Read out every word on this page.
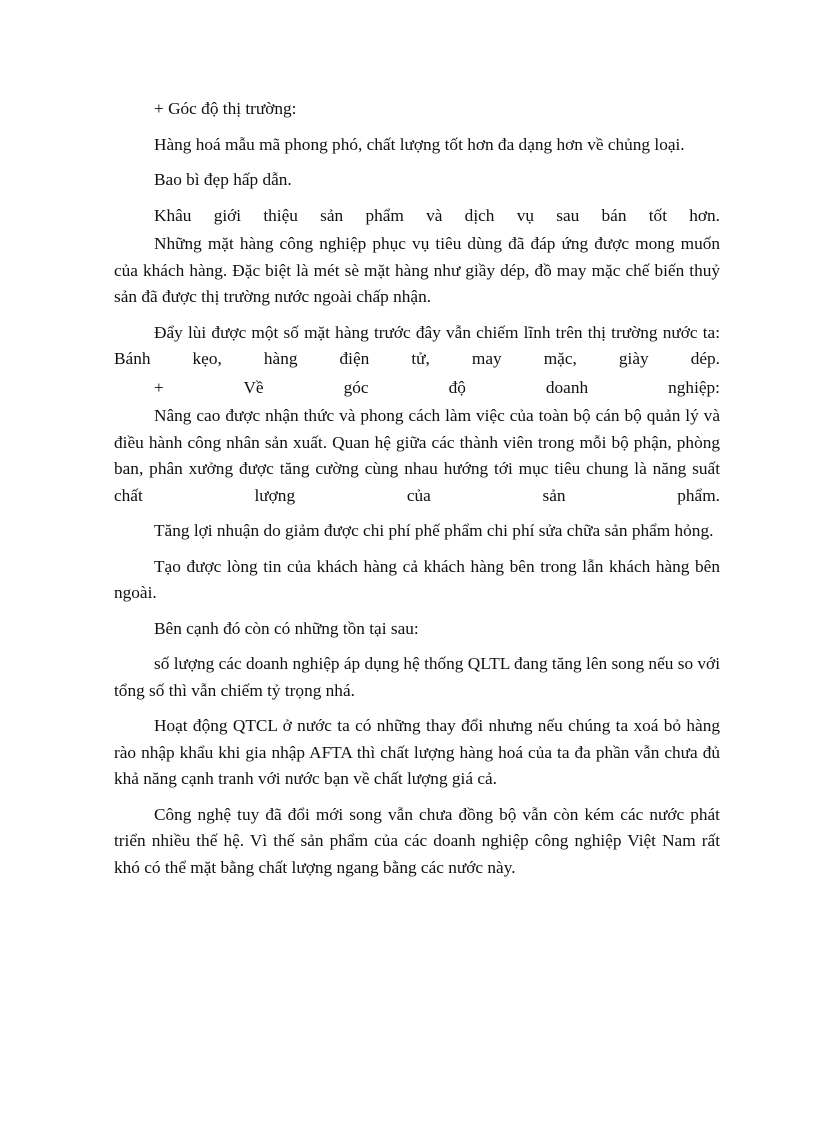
+ Góc độ thị trường:

Hàng hoá mẫu mã phong phó, chất lượng tốt hơn đa dạng hơn về chủng loại.

Bao bì đẹp hấp dẫn.

Khâu giới thiệu sản phẩm và dịch vụ sau bán tốt hơn.

Những mặt hàng công nghiệp phục vụ tiêu dùng đã đáp ứng được mong muốn của khách hàng. Đặc biệt là mét sè mặt hàng như giầy dép, đồ may mặc chế biến thuỷ sản đã được thị trường nước ngoài chấp nhận.

Đẩy lùi được một số mặt hàng trước đây vẫn chiếm lĩnh trên thị trường nước ta: Bánh kẹo, hàng điện tử, may mặc, giày dép.

+ Về góc độ doanh nghiệp:

Nâng cao được nhận thức và phong cách làm việc của toàn bộ cán bộ quản lý và điều hành công nhân sản xuất. Quan hệ giữa các thành viên trong mỗi bộ phận, phòng ban, phân xưởng được tăng cường cùng nhau hướng tới mục tiêu chung là năng suất chất lượng của sản phẩm.

Tăng lợi nhuận do giảm được chi phí phế phẩm chi phí sửa chữa sản phẩm hỏng.

Tạo được lòng tin của khách hàng cả khách hàng bên trong lẫn khách hàng bên ngoài.

Bên cạnh đó còn có những tồn tại sau:

số lượng các doanh nghiệp áp dụng hệ thống QLTL đang tăng lên song nếu so với tổng số thì vẫn chiếm tỷ trọng nhá.

Hoạt động QTCL ở nước ta có những thay đổi nhưng nếu chúng ta xoá bỏ hàng rào nhập khẩu khi gia nhập AFTA thì chất lượng hàng hoá của ta đa phần vẫn chưa đủ khả năng cạnh tranh với nước bạn về chất lượng giá cả.

Công nghệ tuy đã đổi mới song vẫn chưa đồng bộ vẫn còn kém các nước phát triển nhiều thế hệ. Vì thế sản phẩm của các doanh nghiệp công nghiệp Việt Nam rất khó có thể mặt bằng chất lượng ngang bằng các nước này.
